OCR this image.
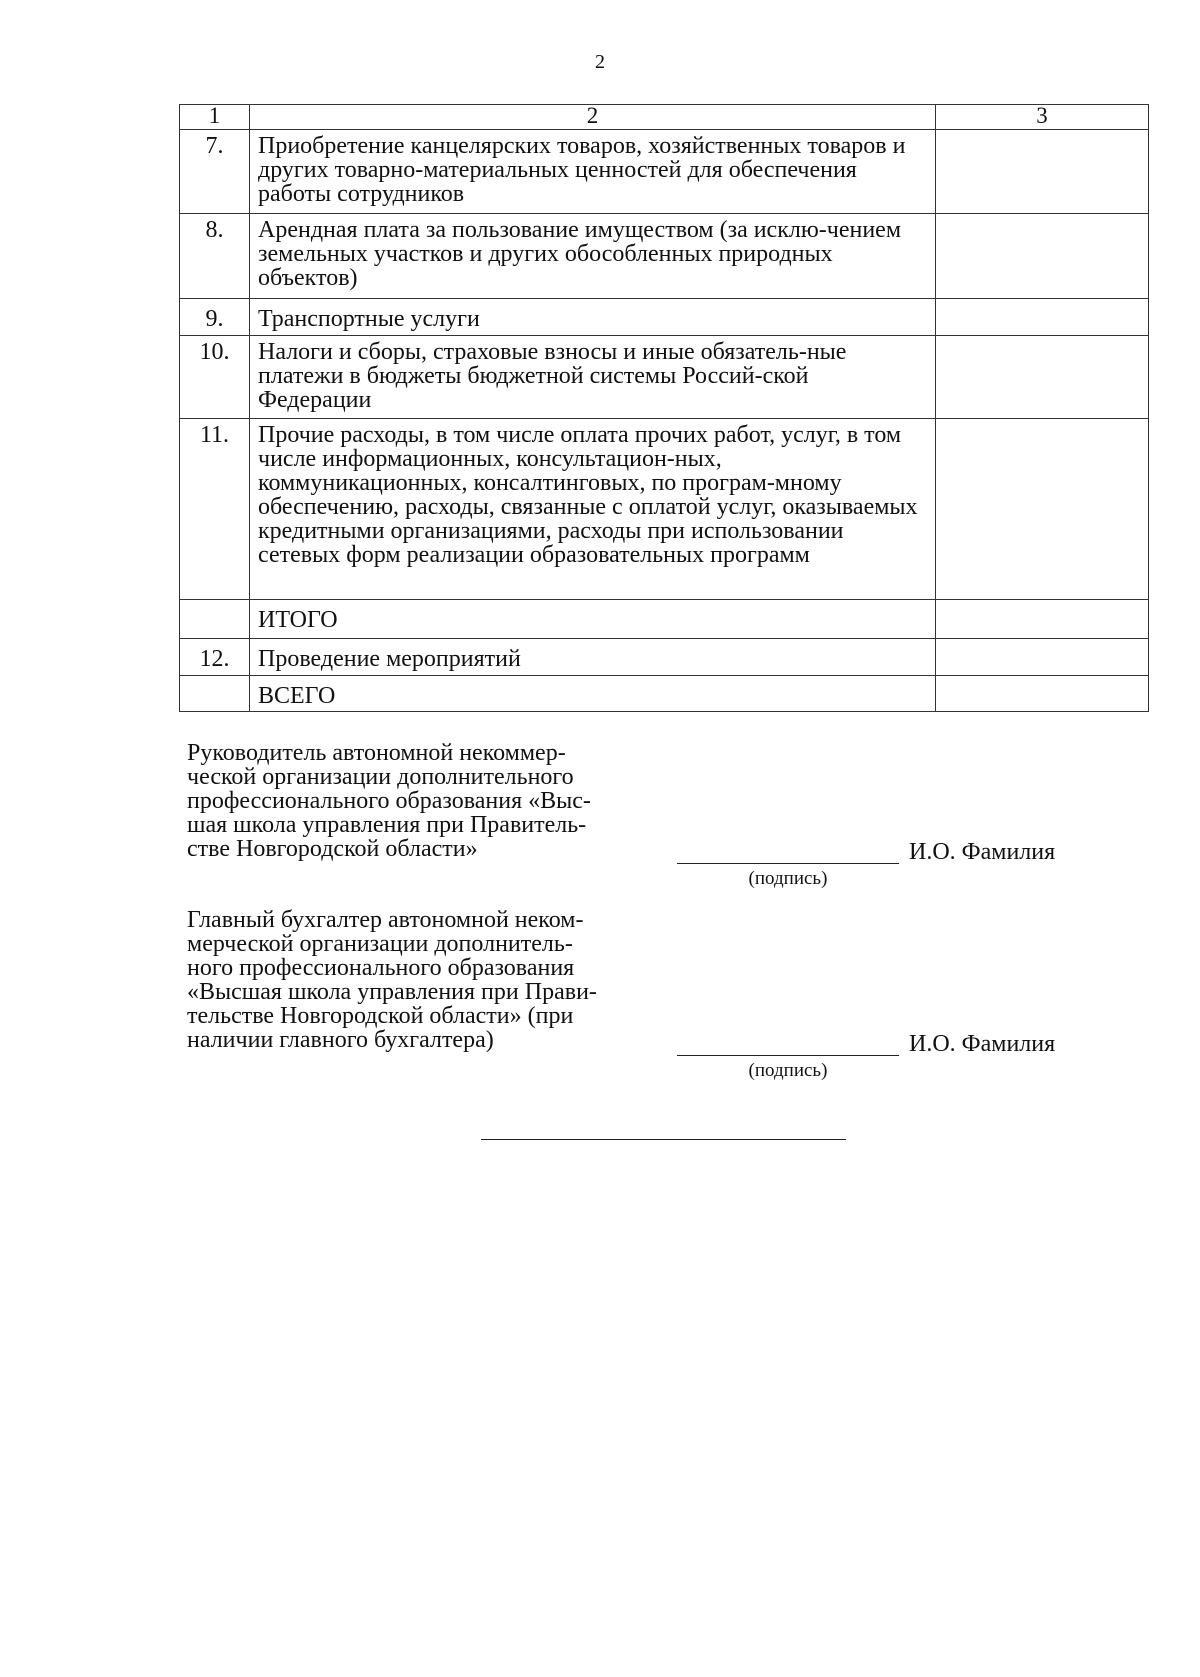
2
1	2	3
7.	Приобретение канцелярских товаров, хозяйственных товаров и других товарно-материальных ценностей для обеспечения работы сотрудников	
8.	Арендная плата за пользование имуществом (за исклю-чением земельных участков и других обособленных природных объектов)	
9.	Транспортные услуги	
10.	Налоги и сборы, страховые взносы и иные обязатель-ные платежи в бюджеты бюджетной системы Россий-ской Федерации	
11.	Прочие расходы, в том числе оплата прочих работ, услуг, в том числе информационных, консультацион-ных, коммуникационных, консалтинговых, по програм-мному обеспечению, расходы, связанные с оплатой услуг, оказываемых кредитными организациями, расходы при использовании сетевых форм реализации образовательных программ	
	ИТОГО	
12.	Проведение мероприятий	
	ВСЕГО	
Руководитель автономной некоммер-
ческой организации дополнительного
профессионального образования «Выс-
шая школа управления при Правитель-
стве Новгородской области»
(подпись)
И.О. Фамилия
Главный бухгалтер автономной неком-
мерческой организации дополнитель-
ного профессионального образования
«Высшая школа управления при Прави-
тельстве Новгородской области» (при
наличии главного бухгалтера)
(подпись)
И.О. Фамилия
